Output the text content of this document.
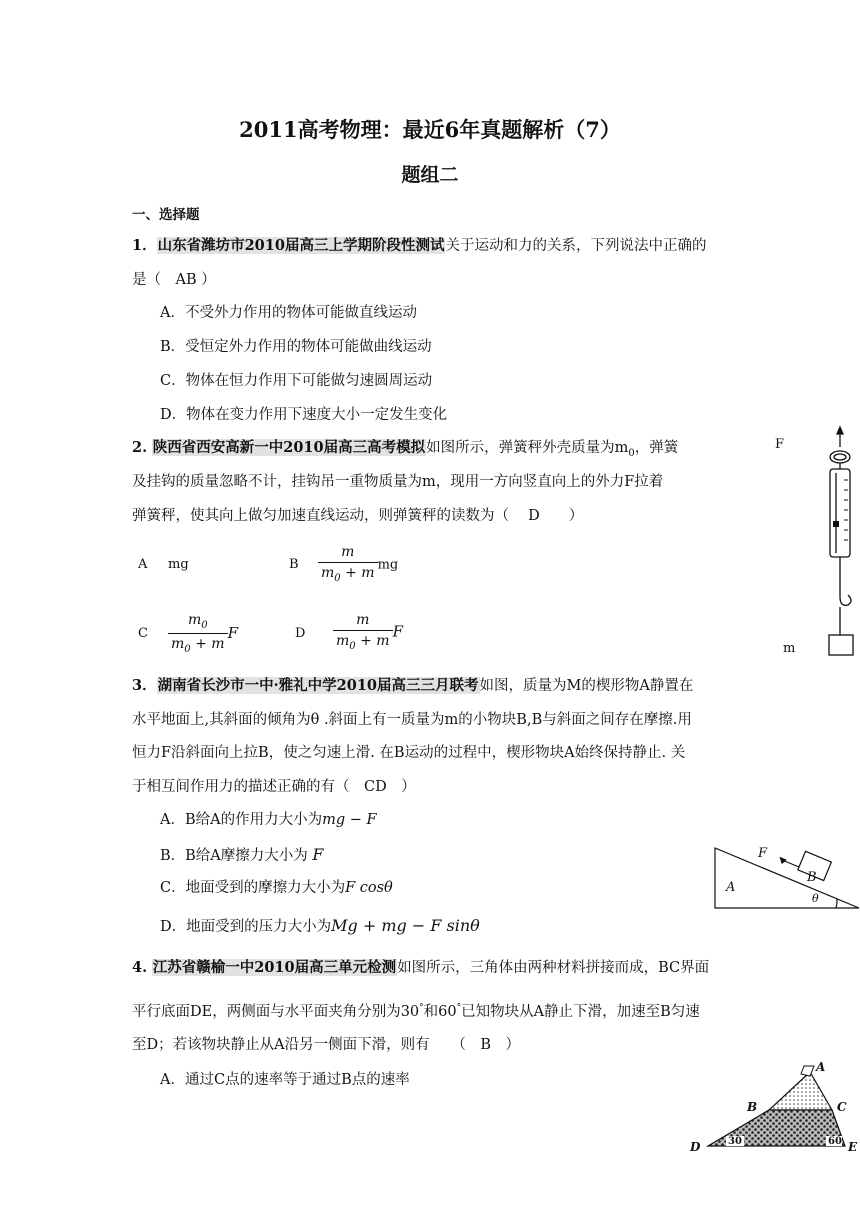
2011高考物理：最近6年真题解析（7）
题组二
一、选择题
1．山东省潍坊市2010届高三上学期阶段性测试关于运动和力的关系，下列说法中正确的
是（　AB ）
A．不受外力作用的物体可能做直线运动
B．受恒定外力作用的物体可能做曲线运动
C．物体在恒力作用下可能做匀速圆周运动
D．物体在变力作用下速度大小一定发生变化
2. 陕西省西安高新一中2010届高三高考模拟如图所示，弹簧秤外壳质量为$m_0$，弹簧
及挂钩的质量忽略不计，挂钩吊一重物质量为m，现用一方向竖直向上的外力F拉着
弹簧秤，使其向上做匀加速直线运动，则弹簧秤的读数为（　 D　　）
A mg	B $\frac{m}{m_0 + m}$ mg
C $\frac{m_0}{m_0 + m}$ F	D $\frac{m}{m_0 + m}$ F
F
m
3．湖南省长沙市一中·雅礼中学2010届高三三月联考如图，质量为M的楔形物A静置在
水平地面上,其斜面的倾角为θ .斜面上有一质量为m的小物块B,B与斜面之间存在摩擦.用
恒力F沿斜面向上拉B，使之匀速上滑. 在B运动的过程中，楔形物块A始终保持静止. 关
于相互间作用力的描述正确的有（　CD　）
A．B给A的作用力大小为mg − F
B．B给A摩擦力大小为 F
C．地面受到的摩擦力大小为F cosθ
D．地面受到的压力大小为Mg + mg − F sinθ
F
B
A
θ
4. 江苏省赣榆一中2010届高三单元检测如图所示，三角体由两种材料拼接而成，BC界面
平行底面DE，两侧面与水平面夹角分别为30°和60°已知物块从A静止下滑，加速至B匀速
至D；若该物块静止从A沿另一侧面下滑，则有　　（　B　）
A．通过C点的速率等于通过B点的速率
A
B	C
D	E
30	60
